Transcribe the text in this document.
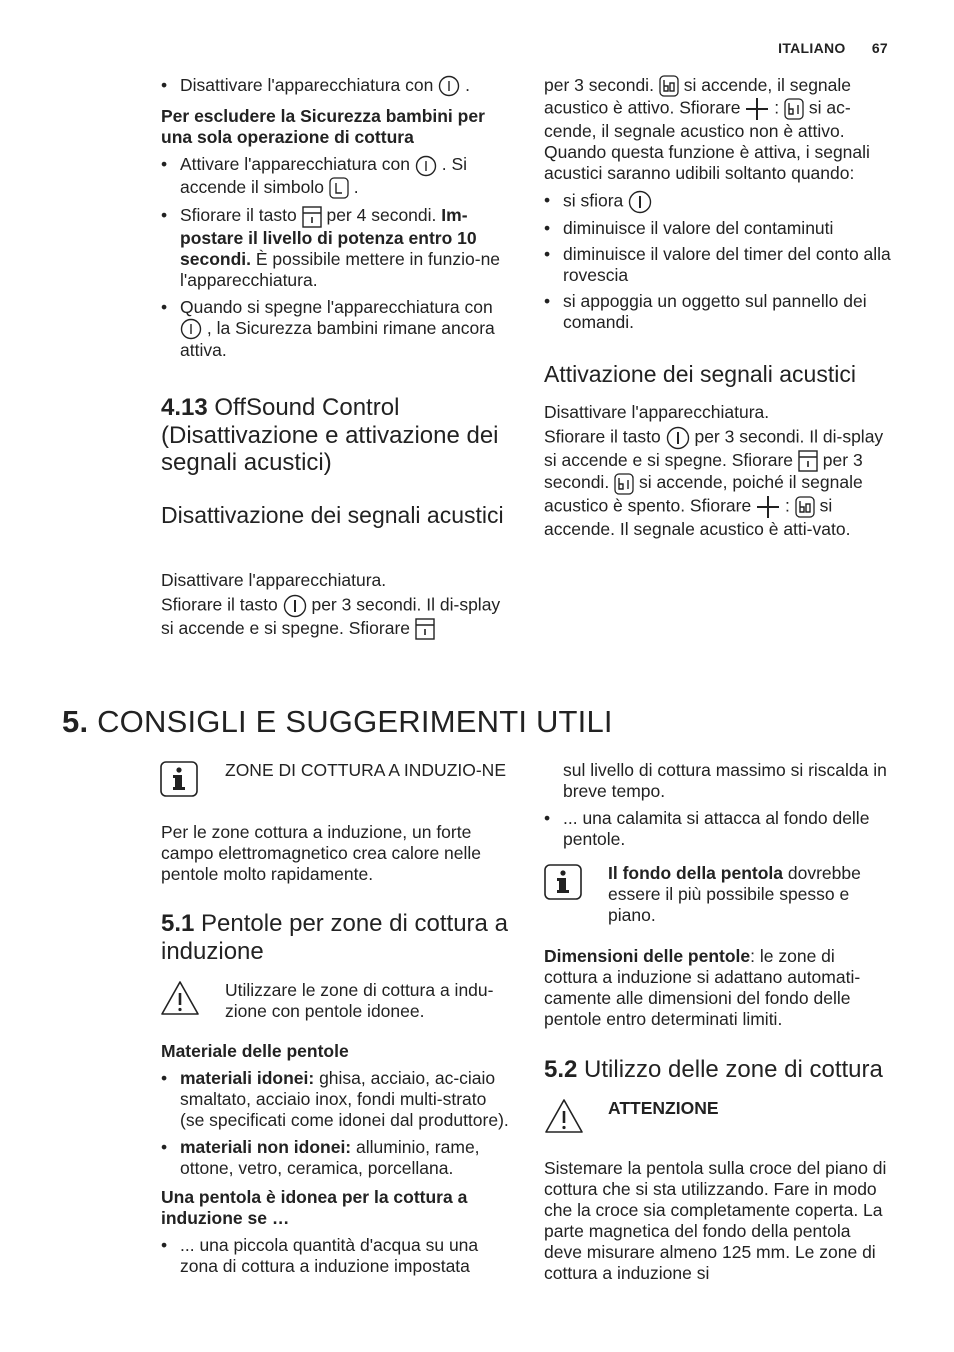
ITALIANO 67

• Disattivare l'apparecchiatura con .

Per escludere la Sicurezza bambini per una sola operazione di cottura

• Attivare l'apparecchiatura con . Si accende il simbolo .

• Sfiorare il tasto per 4 secondi. Im-postare il livello di potenza entro 10 secondi. È possibile mettere in funzio-ne l'apparecchiatura.

• Quando si spegne l'apparecchiatura con
, la Sicurezza bambini rimane ancora attiva.

4.13 OffSound Control (Disattivazione e attivazione dei segnali acustici)
Disattivazione dei segnali acustici

Disattivare l'apparecchiatura.

Sfiorare il tasto per 3 secondi. Il di-splay si accende e si spegne. Sfiorare

per 3 secondi. si accende, il segnale acustico è attivo. Sfiorare : si ac-cende, il segnale acustico non è attivo. Quando questa funzione è attiva, i segnali acustici saranno udibili soltanto quando:

• si sfiora

• diminuisce il valore del contaminuti

• diminuisce il valore del timer del conto alla rovescia

• si appoggia un oggetto sul pannello dei comandi.

Attivazione dei segnali acustici

Disattivare l'apparecchiatura.

Sfiorare il tasto per 3 secondi. Il di-splay si accende e si spegne. Sfiorare per 3 secondi. si accende, poiché il segnale acustico è spento. Sfiorare : si accende. Il segnale acustico è atti-vato.

5. CONSIGLI E SUGGERIMENTI UTILI
ZONE DI COTTURA A INDUZIO-NE
Per le zone cottura a induzione, un forte campo elettromagnetico crea calore nelle pentole molto rapidamente.
5.1 Pentole per zone di cottura a induzione
Utilizzare le zone di cottura a indu-zione con pentole idonee.

Materiale delle pentole

• materiali idonei: ghisa, acciaio, ac-ciaio smaltato, acciaio inox, fondi multi-strato (se specificati come idonei dal produttore).

• materiali non idonei: alluminio, rame, ottone, vetro, ceramica, porcellana.

Una pentola è idonea per la cottura a induzione se …

• ... una piccola quantità d'acqua su una zona di cottura a induzione impostata

sul livello di cottura massimo si riscalda in breve tempo.

• ... una calamita si attacca al fondo delle pentole.

Il fondo della pentola dovrebbe essere il più possibile spesso e piano.
Dimensioni delle pentole: le zone di cottura a induzione si adattano automati-camente alle dimensioni del fondo delle pentole entro determinati limiti.
5.2 Utilizzo delle zone di cottura
ATTENZIONE
Sistemare la pentola sulla croce del piano di cottura che si sta utilizzando. Fare in modo che la croce sia completamente coperta. La parte magnetica del fondo della pentola deve misurare almeno 125 mm. Le zone di cottura a induzione si
